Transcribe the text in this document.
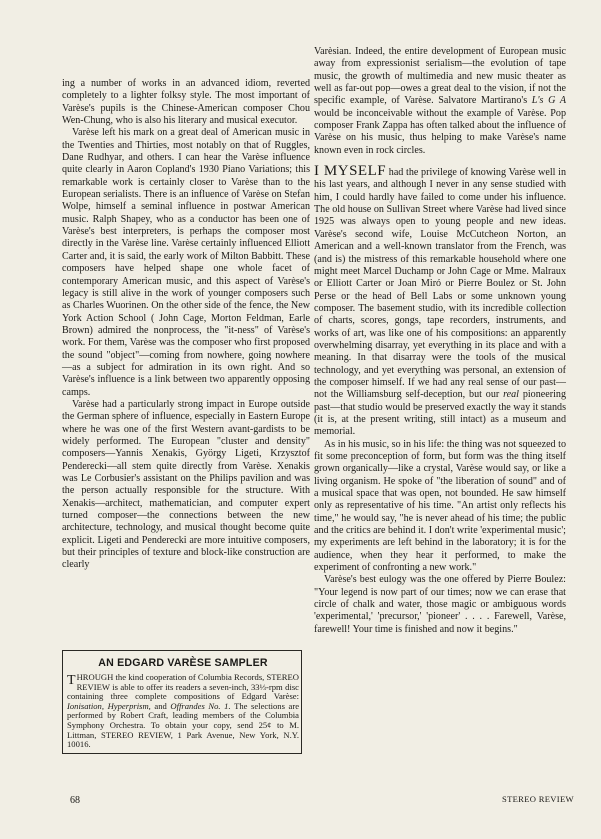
ing a number of works in an advanced idiom, reverted completely to a lighter folksy style. The most important of Varèse's pupils is the Chinese-American composer Chou Wen-Chung, who is also his literary and musical executor.

Varèse left his mark on a great deal of American music in the Twenties and Thirties, most notably on that of Ruggles, Dane Rudhyar, and others. I can hear the Varèse influence quite clearly in Aaron Copland's 1930 Piano Variations; this remarkable work is certainly closer to Varèse than to the European serialists. There is an influence of Varèse on Stefan Wolpe, himself a seminal influence in postwar American music. Ralph Shapey, who as a conductor has been one of Varèse's best interpreters, is perhaps the composer most directly in the Varèse line. Varèse certainly influenced Elliott Carter and, it is said, the early work of Milton Babbitt. These composers have helped shape one whole facet of contemporary American music, and this aspect of Varèse's legacy is still alive in the work of younger composers such as Charles Wuorinen. On the other side of the fence, the New York Action School ( John Cage, Morton Feldman, Earle Brown) admired the nonprocess, the "it-ness" of Varèse's work. For them, Varèse was the composer who first proposed the sound "object"—coming from nowhere, going nowhere—as a subject for admiration in its own right. And so Varèse's influence is a link between two apparently opposing camps.

Varèse had a particularly strong impact in Europe outside the German sphere of influence, especially in Eastern Europe where he was one of the first Western avant-gardists to be widely performed. The European "cluster and density" composers—Yannis Xenakis, György Ligeti, Krzysztof Penderecki—all stem quite directly from Varèse. Xenakis was Le Corbusier's assistant on the Philips pavilion and was the person actually responsible for the structure. With Xenakis—architect, mathematician, and computer expert turned composer—the connections between the new architecture, technology, and musical thought become quite explicit. Ligeti and Penderecki are more intuitive composers, but their principles of texture and block-like construction are clearly

AN EDGARD VARÈSE SAMPLER

THROUGH the kind cooperation of Columbia Records, STEREO REVIEW is able to offer its readers a seven-inch, 33⅓-rpm disc containing three complete compositions of Edgard Varèse: Ionisation, Hyperprism, and Offrandes No. 1. The selections are performed by Robert Craft, leading members of the Columbia Symphony Orchestra. To obtain your copy, send 25¢ to M. Littman, STEREO REVIEW, 1 Park Avenue, New York, N.Y. 10016.

Varèsian. Indeed, the entire development of European music away from expressionist serialism—the evolution of tape music, the growth of multimedia and new music theater as well as far-out pop—owes a great deal to the vision, if not the specific example, of Varèse. Salvatore Martirano's L's G A would be inconceivable without the example of Varèse. Pop composer Frank Zappa has often talked about the influence of Varèse on his music, thus helping to make Varèse's name known even in rock circles.

I MYSELF had the privilege of knowing Varèse well in his last years, and although I never in any sense studied with him, I could hardly have failed to come under his influence. The old house on Sullivan Street where Varèse had lived since 1925 was always open to young people and new ideas. Varèse's second wife, Louise McCutcheon Norton, an American and a well-known translator from the French, was (and is) the mistress of this remarkable household where one might meet Marcel Duchamp or John Cage or Mme. Malraux or Elliott Carter or Joan Miró or Pierre Boulez or St. John Perse or the head of Bell Labs or some unknown young composer. The basement studio, with its incredible collection of charts, scores, gongs, tape recorders, instruments, and works of art, was like one of his compositions: an apparently overwhelming disarray, yet everything in its place and with a meaning. In that disarray were the tools of the musical technology, and yet everything was personal, an extension of the composer himself. If we had any real sense of our past—not the Williamsburg self-deception, but our real pioneering past—that studio would be preserved exactly the way it stands (it is, at the present writing, still intact) as a museum and memorial.

As in his music, so in his life: the thing was not squeezed to fit some preconception of form, but form was the thing itself grown organically—like a crystal, Varèse would say, or like a living organism. He spoke of "the liberation of sound" and of a musical space that was open, not bounded. He saw himself only as representative of his time. "An artist only reflects his time," he would say, "he is never ahead of his time; the public and the critics are behind it. I don't write 'experimental music'; my experiments are left behind in the laboratory; it is for the audience, when they hear it performed, to make the experiment of confronting a new work."

Varèse's best eulogy was the one offered by Pierre Boulez: "Your legend is now part of our times; now we can erase that circle of chalk and water, those magic or ambiguous words 'experimental,' 'precursor,' 'pioneer' . . . . Farewell, Varèse, farewell! Your time is finished and now it begins."

68	STEREO REVIEW
